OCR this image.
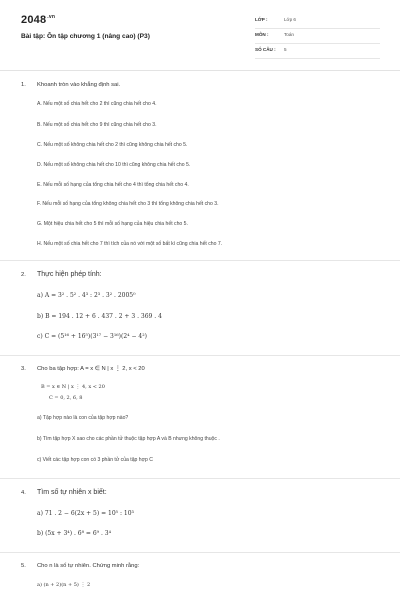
$2048^{.vn}$
Bài tập: Ôn tập chương 1 (nâng cao) (P3)
LỚP :	Lớp 6
MÔN :	Toán
SỐ CÂU : 5
1. Khoanh tròn vào khẳng định sai.
A. Nếu một số chia hết cho 2 thì cũng chia hết cho 4.
B. Nếu một số chia hết cho 9 thì cũng chia hết cho 3.
C. Nếu một số không chia hết cho 2 thì cũng không chia hết cho 5.
D. Nếu một số không chia hết cho 10 thì cũng không chia hết cho 5.
E. Nếu mỗi số hạng của tổng chia hết cho 4 thì tổng chia hết cho 4.
F. Nếu mỗi số hạng của tổng không chia hết cho 3 thì tổng không chia hết cho 3.
G. Một hiệu chia hết cho 5 thì mỗi số hạng của hiệu chia hết cho 5.
H. Nếu một số chia hết cho 7 thì tích của nó với một số bất kì cũng chia hết cho 7.
2. Thực hiện phép tính:
a) A = 3² . 5² . 4³ : 2³ . 3² . 2005⁰
b) B = 194 . 12 + 6 . 437 . 2 + 3 . 369 . 4
c) C = (5¹⁶ + 16⁵)(3¹⁷ − 3¹⁶)(2⁴ − 4²)
3. Cho ba tập hợp: A = x ∈ N | x ⋮ 2, x < 20
B = x ∈ N | x ⋮ 4, x < 20
C = 0, 2, 6, 8
a) Tập hợp nào là con của tập hợp nào?
b) Tìm tập hợp X sao cho các phần tử thuộc tập hợp A và B nhưng không thuộc .
c) Viết các tập hợp con có 3 phần tử của tập hợp C
4. Tìm số tự nhiên x biết:
a) 71 . 2 − 6(2x + 5) = 10⁵ : 10³
b) (5x + 3⁴) . 6⁸ = 6⁹ . 3⁴
5. Cho n là số tự nhiên. Chứng minh rằng:
a) (n + 2)(n + 5) ⋮ 2
